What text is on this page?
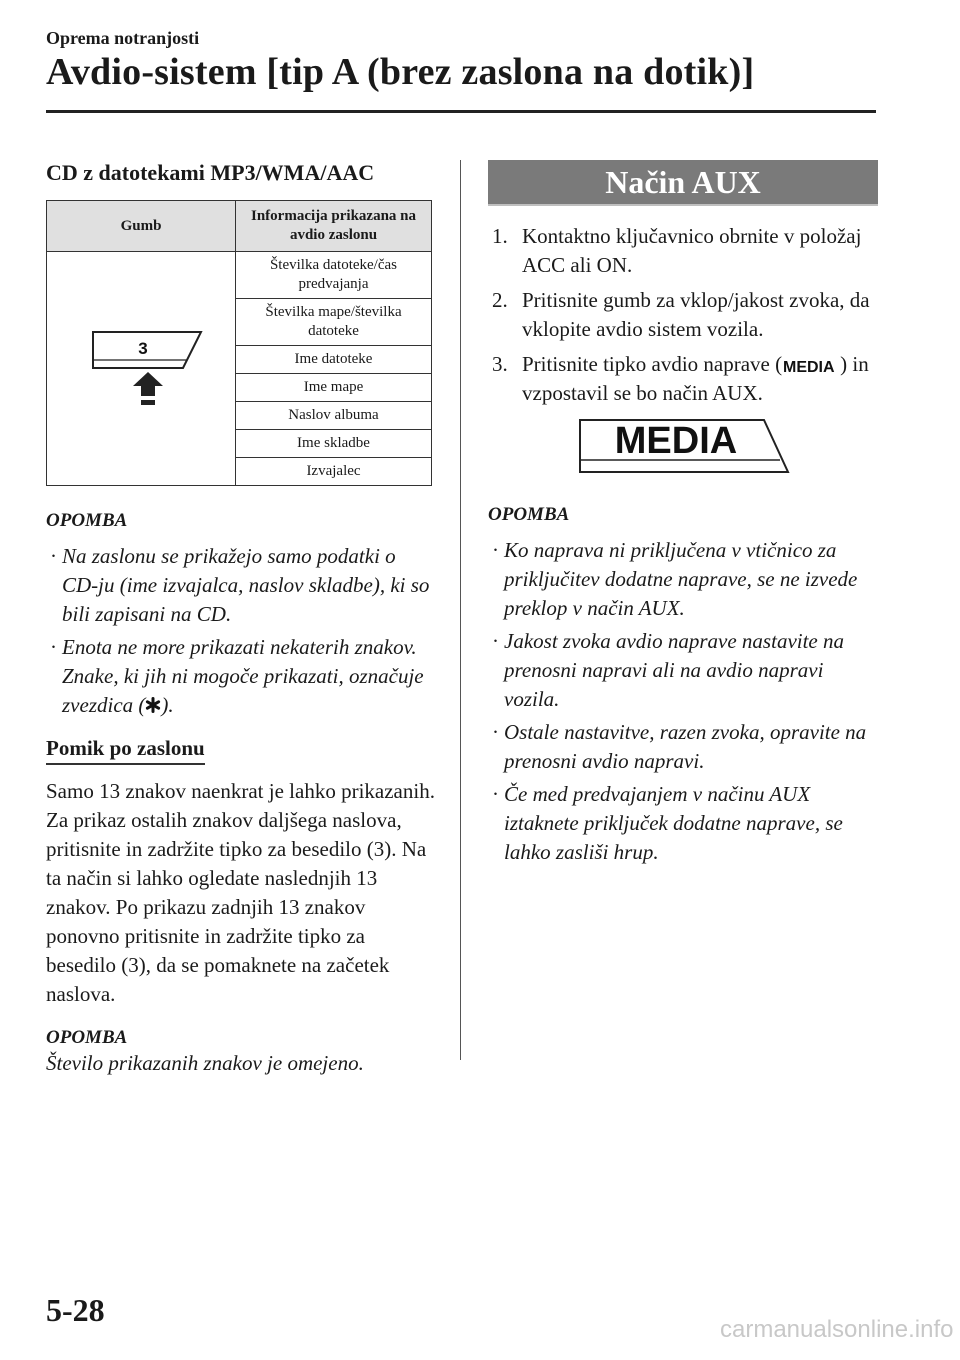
Oprema notranjosti
Avdio-sistem [tip A (brez zaslona na dotik)]
CD z datotekami MP3/WMA/AAC
Gumb	Informacija prikazana na avdio zaslonu

3	Številka datoteke/čas predvajanja
	Številka mape/številka datoteke
	Ime datoteke
	Ime mape
	Naslov albuma
	Ime skladbe
	Izvajalec
OPOMBA
· Na zaslonu se prikažejo samo podatki o CD-ju (ime izvajalca, naslov skladbe), ki so bili zapisani na CD.
· Enota ne more prikazati nekaterih znakov. Znake, ki jih ni mogoče prikazati, označuje zvezdica ( ).
Pomik po zaslonu

Samo 13 znakov naenkrat je lahko prikazanih. Za prikaz ostalih znakov daljšega naslova, pritisnite in zadržite tipko za besedilo (3). Na ta način si lahko ogledate naslednjih 13 znakov. Po prikazu zadnjih 13 znakov ponovno pritisnite in zadržite tipko za besedilo (3), da se pomaknete na začetek naslova.

OPOMBA

Število prikazanih znakov je omejeno.

Način AUX
1. Kontaktno ključavnico obrnite v položaj ACC ali ON.
2. Pritisnite gumb za vklop/jakost zvoka, da vklopite avdio sistem vozila.
3. Pritisnite tipko avdio naprave ( MEDIA ) in vzpostavil se bo način AUX.
MEDIA
OPOMBA
· Ko naprava ni priključena v vtičnico za priključitev dodatne naprave, se ne izvede preklop v način AUX.
· Jakost zvoka avdio naprave nastavite na prenosni napravi ali na avdio napravi vozila.
· Ostale nastavitve, razen zvoka, opravite na prenosni avdio napravi.
· Če med predvajanjem v načinu AUX iztaknete priključek dodatne naprave, se lahko zasliši hrup.
5-28
carmanualsonline.info
